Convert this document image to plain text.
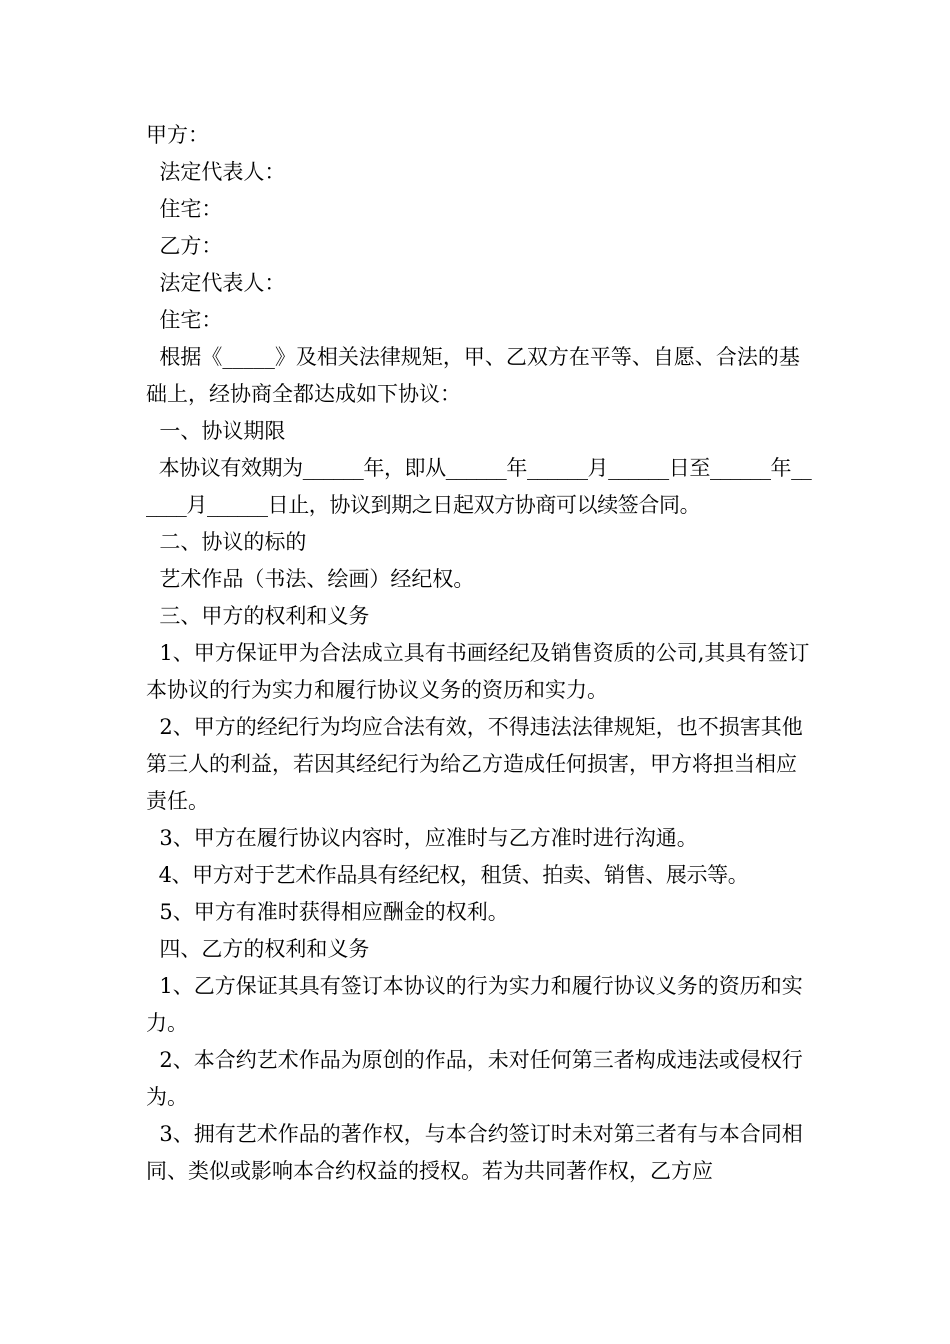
甲方：

法定代表人：

住宅：

乙方：

法定代表人：

住宅：

根据《_____》及相关法律规矩，甲、乙双方在平等、自愿、合法的基础上，经协商全都达成如下协议：

一、协议期限

本协议有效期为______年，即从______年______月______日至______年______月______日止，协议到期之日起双方协商可以续签合同。

二、协议的标的

艺术作品（书法、绘画）经纪权。

三、甲方的权利和义务

1、甲方保证甲为合法成立具有书画经纪及销售资质的公司,其具有签订本协议的行为实力和履行协议义务的资历和实力。

2、甲方的经纪行为均应合法有效，不得违法法律规矩，也不损害其他第三人的利益，若因其经纪行为给乙方造成任何损害，甲方将担当相应责任。

3、甲方在履行协议内容时，应准时与乙方准时进行沟通。

4、甲方对于艺术作品具有经纪权，租赁、拍卖、销售、展示等。

5、甲方有准时获得相应酬金的权利。

四、乙方的权利和义务

1、乙方保证其具有签订本协议的行为实力和履行协议义务的资历和实力。

2、本合约艺术作品为原创的作品，未对任何第三者构成违法或侵权行为。

3、拥有艺术作品的著作权，与本合约签订时未对第三者有与本合同相同、类似或影响本合约权益的授权。若为共同著作权，乙方应
